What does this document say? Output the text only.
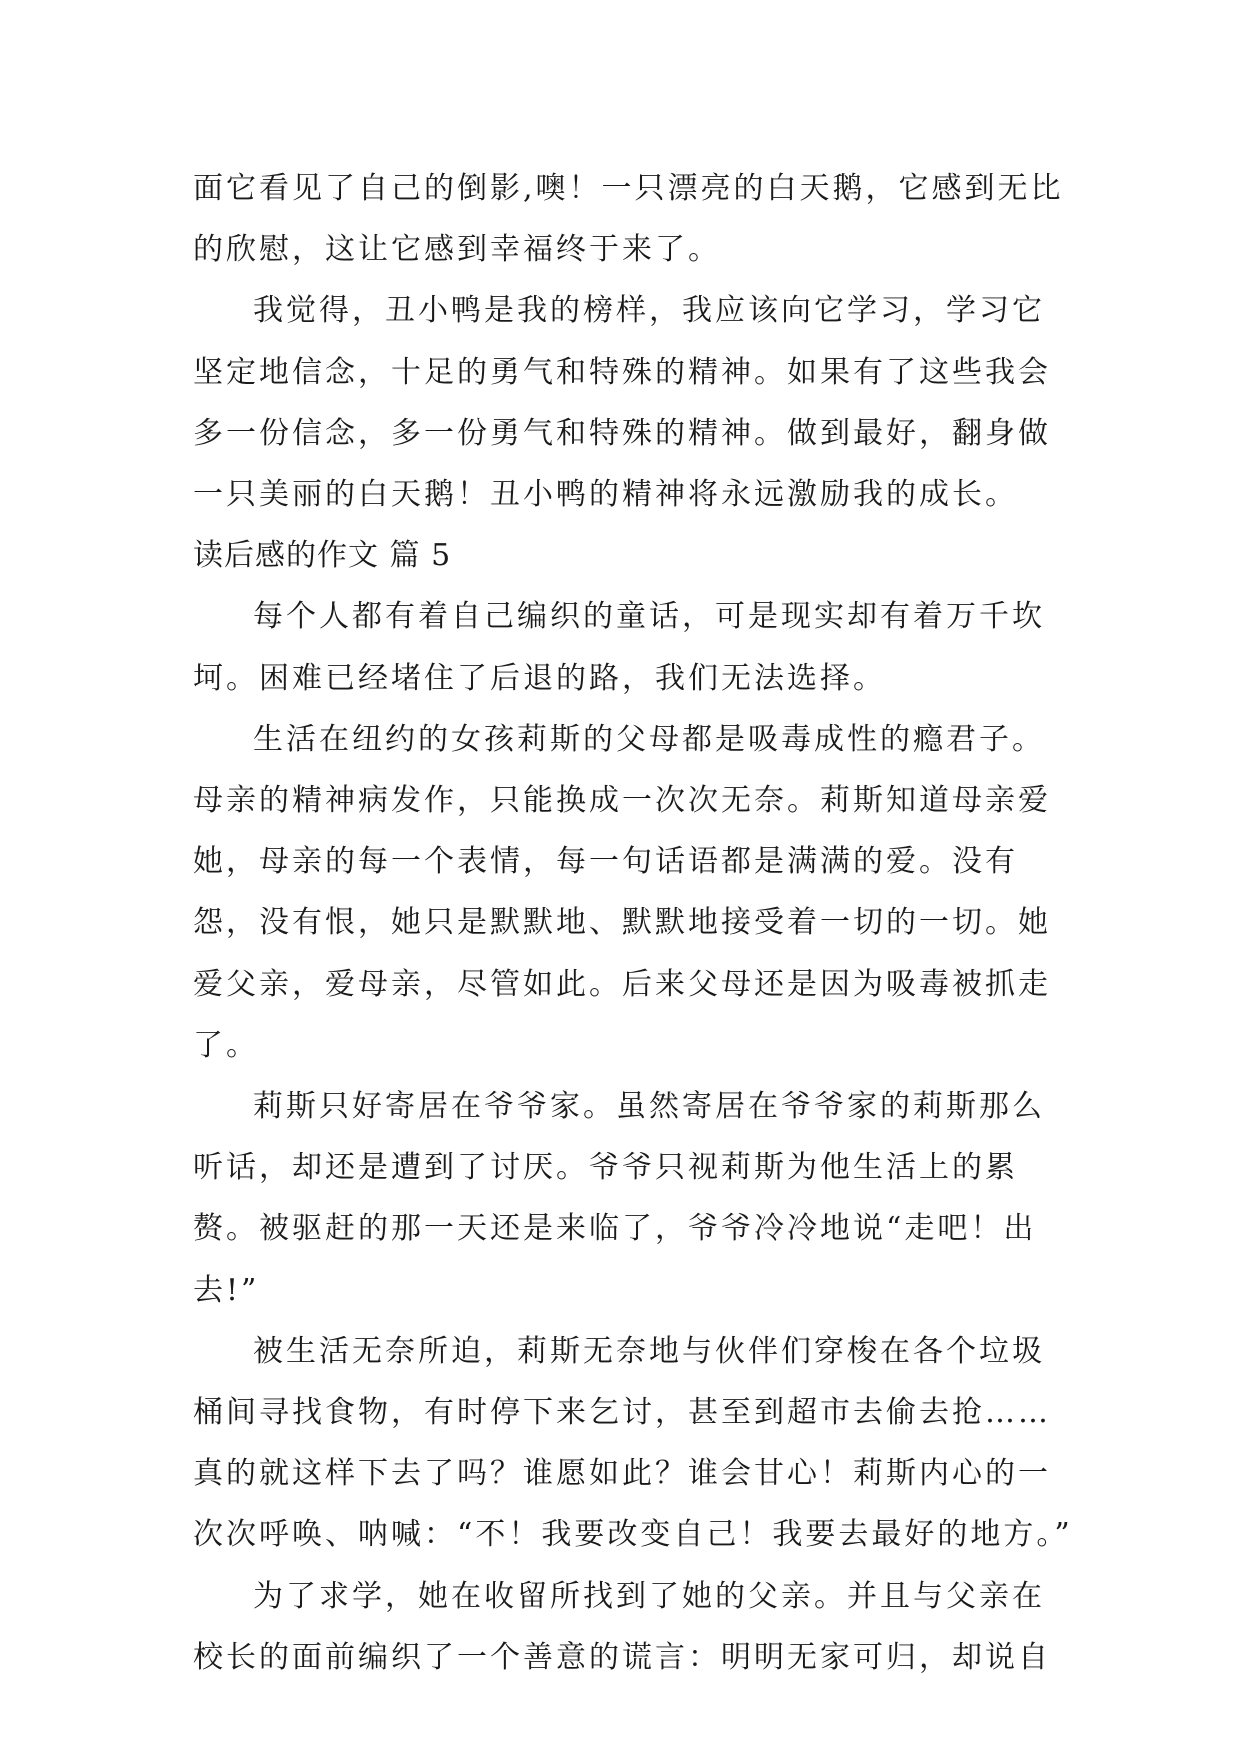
面它看见了自己的倒影,噢！一只漂亮的白天鹅，它感到无比的欣慰，这让它感到幸福终于来了。

我觉得，丑小鸭是我的榜样，我应该向它学习，学习它坚定地信念，十足的勇气和特殊的精神。如果有了这些我会多一份信念，多一份勇气和特殊的精神。做到最好，翻身做一只美丽的白天鹅！丑小鸭的精神将永远激励我的成长。

读后感的作文 篇 5

每个人都有着自己编织的童话，可是现实却有着万千坎坷。困难已经堵住了后退的路，我们无法选择。

生活在纽约的女孩莉斯的父母都是吸毒成性的瘾君子。母亲的精神病发作，只能换成一次次无奈。莉斯知道母亲爱她，母亲的每一个表情，每一句话语都是满满的爱。没有怨，没有恨，她只是默默地、默默地接受着一切的一切。她爱父亲，爱母亲，尽管如此。后来父母还是因为吸毒被抓走了。

莉斯只好寄居在爷爷家。虽然寄居在爷爷家的莉斯那么听话，却还是遭到了讨厌。爷爷只视莉斯为他生活上的累赘。被驱赶的那一天还是来临了，爷爷冷冷地说“走吧！出去!”

被生活无奈所迫，莉斯无奈地与伙伴们穿梭在各个垃圾桶间寻找食物，有时停下来乞讨，甚至到超市去偷去抢……真的就这样下去了吗？谁愿如此？谁会甘心！莉斯内心的一次次呼唤、呐喊：“不！我要改变自己！我要去最好的地方。”

为了求学，她在收留所找到了她的父亲。并且与父亲在校长的面前编织了一个善意的谎言：明明无家可归，却说自
